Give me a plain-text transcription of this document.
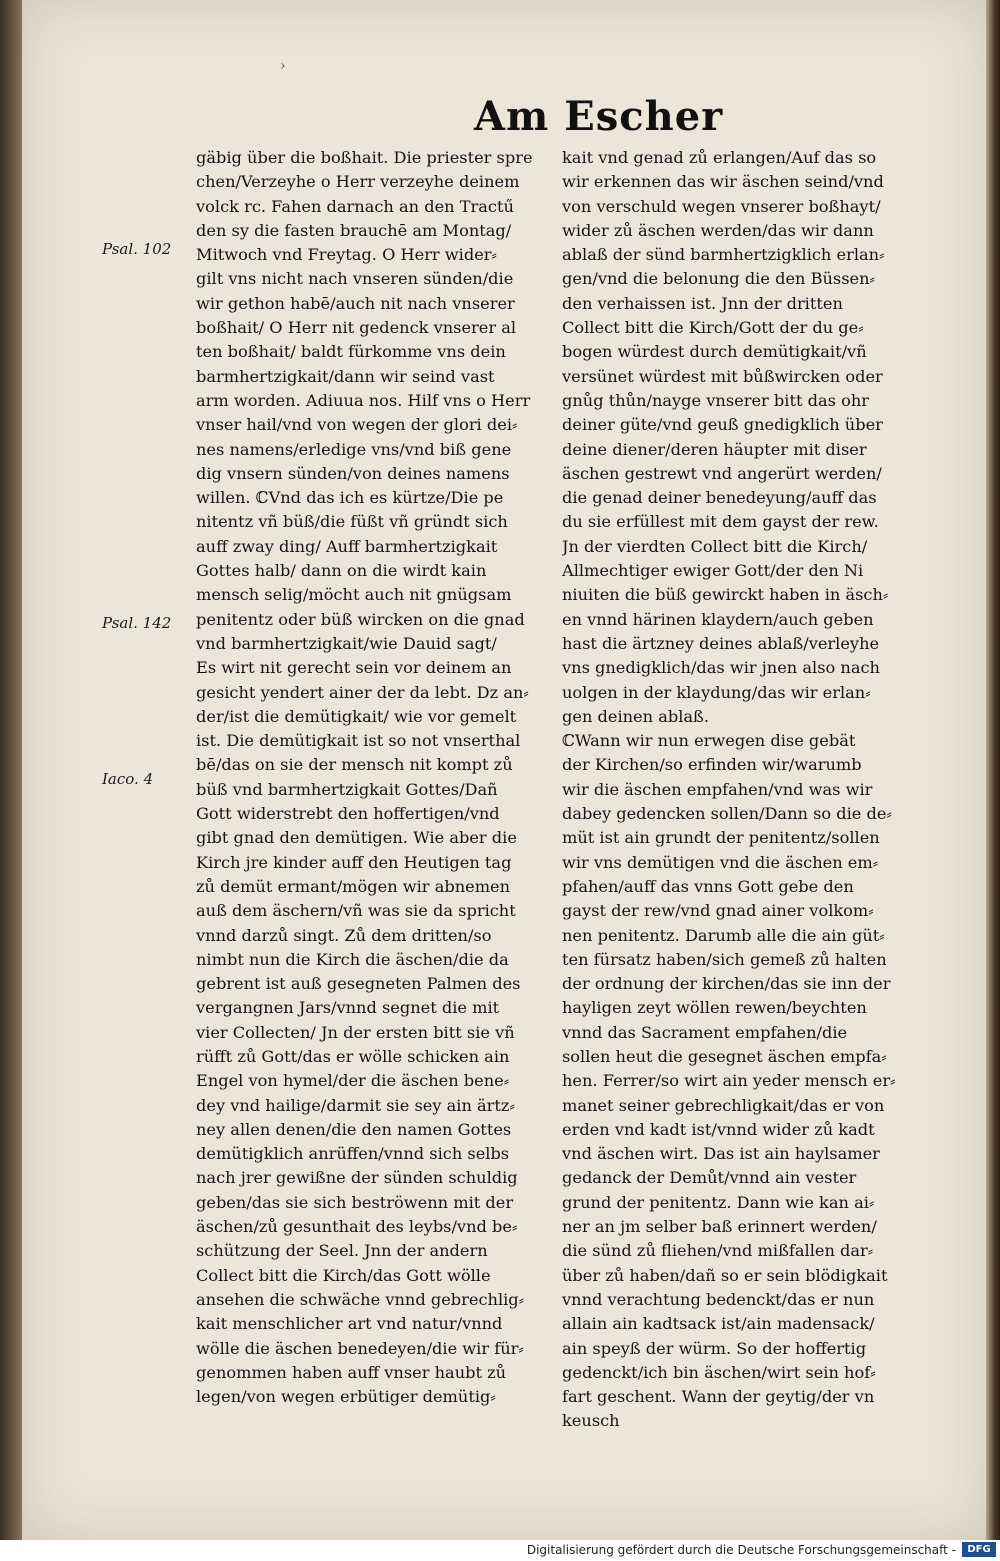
›
Am Escher
Psal. 102
Psal. 142
Iaco. 4
gäbig über die boßhait. Die priester spre
chen/Verzeyhe o Herr verzeyhe deinem
volck rc. Fahen darnach an den Tractű
den sy die fasten brauchē am Montag/
Mitwoch vnd Freytag. O Herr wider⸗
gilt vns nicht nach vnseren sünden/die
wir gethon habē/auch nit nach vnserer
boßhait/ O Herr nit gedenck vnserer al
ten boßhait/ baldt fürkomme vns dein
barmhertzigkait/dann wir seind vast
arm worden. Adiuua nos. Hilf vns o Herr
vnser hail/vnd von wegen der glori dei⸗
nes namens/erledige vns/vnd biß gene
dig vnsern sünden/von deines namens
willen. ℂVnd das ich es kürtze/Die pe
nitentz vñ büß/die füßt vñ gründt sich
auff zway ding/ Auff barmhertzigkait
Gottes halb/ dann on die wirdt kain
mensch selig/möcht auch nit gnügsam
penitentz oder büß wircken on die gnad
vnd barmhertzigkait/wie Dauid sagt/
Es wirt nit gerecht sein vor deinem an
gesicht yendert ainer der da lebt. Dz an⸗
der/ist die demütigkait/ wie vor gemelt
ist. Die demütigkait ist so not vnserthal
bē/das on sie der mensch nit kompt zů
büß vnd barmhertzigkait Gottes/Dañ
Gott widerstrebt den hoffertigen/vnd
gibt gnad den demütigen. Wie aber die
Kirch jre kinder auff den Heutigen tag
zů demüt ermant/mögen wir abnemen
auß dem äschern/vñ was sie da spricht
vnnd darzů singt. Zů dem dritten/so
nimbt nun die Kirch die äschen/die da
gebrent ist auß gesegneten Palmen des
vergangnen Jars/vnnd segnet die mit
vier Collecten/ Jn der ersten bitt sie vñ
rüfft zů Gott/das er wölle schicken ain
Engel von hymel/der die äschen bene⸗
dey vnd hailige/darmit sie sey ain ärtz⸗
ney allen denen/die den namen Gottes
demütigklich anrüffen/vnnd sich selbs
nach jrer gewißne der sünden schuldig
geben/das sie sich beströwenn mit der
äschen/zů gesunthait des leybs/vnd be⸗
schützung der Seel. Jnn der andern
Collect bitt die Kirch/das Gott wölle
ansehen die schwäche vnnd gebrechlig⸗
kait menschlicher art vnd natur/vnnd
wölle die äschen benedeyen/die wir für⸗
genommen haben auff vnser haubt zů
legen/von wegen erbütiger demütig⸗
kait vnd genad zů erlangen/Auf das so
wir erkennen das wir äschen seind/vnd
von verschuld wegen vnserer boßhayt/
wider zů äschen werden/das wir dann
ablaß der sünd barmhertzigklich erlan⸗
gen/vnd die belonung die den Büssen⸗
den verhaissen ist. Jnn der dritten
Collect bitt die Kirch/Gott der du ge⸗
bogen würdest durch demütigkait/vñ
versünet würdest mit bůßwircken oder
gnůg thůn/nayge vnserer bitt das ohr
deiner güte/vnd geuß gnedigklich über
deine diener/deren häupter mit diser
äschen gestrewt vnd angerürt werden/
die genad deiner benedeyung/auff das
du sie erfüllest mit dem gayst der rew.
Jn der vierdten Collect bitt die Kirch/
Allmechtiger ewiger Gott/der den Ni
niuiten die büß gewirckt haben in äsch⸗
en vnnd härinen klaydern/auch geben
hast die ärtzney deines ablaß/verleyhe
vns gnedigklich/das wir jnen also nach
uolgen in der klaydung/das wir erlan⸗
gen deinen ablaß.
ℂWann wir nun erwegen dise gebät
der Kirchen/so erfinden wir/warumb
wir die äschen empfahen/vnd was wir
dabey gedencken sollen/Dann so die de⸗
müt ist ain grundt der penitentz/sollen
wir vns demütigen vnd die äschen em⸗
pfahen/auff das vnns Gott gebe den
gayst der rew/vnd gnad ainer volkom⸗
nen penitentz. Darumb alle die ain güt⸗
ten fürsatz haben/sich gemeß zů halten
der ordnung der kirchen/das sie inn der
hayligen zeyt wöllen rewen/beychten
vnnd das Sacrament empfahen/die
sollen heut die gesegnet äschen empfa⸗
hen. Ferrer/so wirt ain yeder mensch er⸗
manet seiner gebrechligkait/das er von
erden vnd kadt ist/vnnd wider zů kadt
vnd äschen wirt. Das ist ain haylsamer
gedanck der Demůt/vnnd ain vester
grund der penitentz. Dann wie kan ai⸗
ner an jm selber baß erinnert werden/
die sünd zů fliehen/vnd mißfallen dar⸗
über zů haben/dañ so er sein blödigkait
vnnd verachtung bedenckt/das er nun
allain ain kadtsack ist/ain madensack/
ain speyß der würm. So der hoffertig
gedenckt/ich bin äschen/wirt sein hof⸗
fart geschent. Wann der geytig/der vn
keusch
Digitalisierung gefördert durch die Deutsche Forschungsgemeinschaft -	DFG
